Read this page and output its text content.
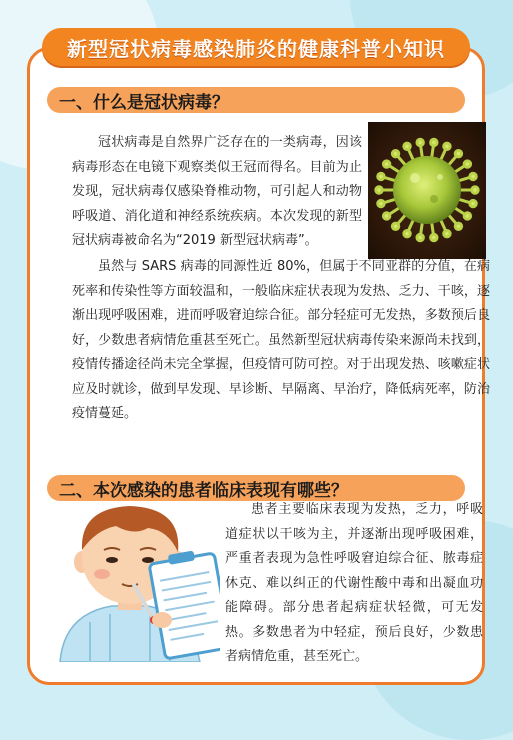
新型冠状病毒感染肺炎的健康科普小知识
一、什么是冠状病毒？

冠状病毒是自然界广泛存在的一类病毒，因该病毒形态在电镜下观察类似王冠而得名。目前为止发现，冠状病毒仅感染脊椎动物，可引起人和动物呼吸道、消化道和神经系统疾病。本次发现的新型冠状病毒被命名为“2019 新型冠状病毒”。

虽然与 SARS 病毒的同源性近 80%，但属于不同亚群的分值，在病死率和传染性等方面较温和，一般临床症状表现为发热、乏力、干咳，逐渐出现呼吸困难，进而呼吸窘迫综合征。部分轻症可无发热，多数预后良好，少数患者病情危重甚至死亡。虽然新型冠状病毒传染来源尚未找到，疫情传播途径尚未完全掌握，但疫情可防可控。对于出现发热、咳嗽症状应及时就诊，做到早发现、早诊断、早隔离、早治疗，降低病死率，防治疫情蔓延。

二、本次感染的患者临床表现有哪些？

患者主要临床表现为发热，乏力，呼吸道症状以干咳为主，并逐渐出现呼吸困难，严重者表现为急性呼吸窘迫综合征、脓毒症休克、难以纠正的代谢性酸中毒和出凝血功能障碍。部分患者起病症状轻微，可无发热。多数患者为中轻症，预后良好，少数患者病情危重，甚至死亡。
